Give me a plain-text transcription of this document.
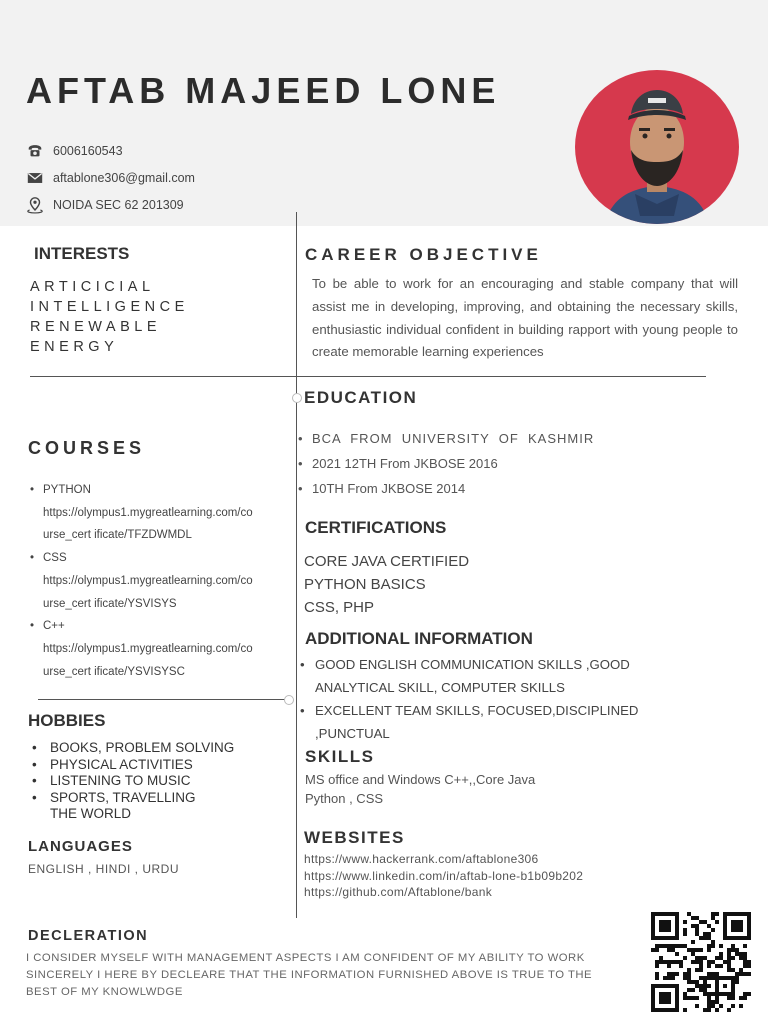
AFTAB MAJEED LONE
6006160543
aftablone306@gmail.com
NOIDA SEC 62 201309
INTERESTS
ARTICICIAL
INTELLIGENCE
RENEWABLE
ENERGY
CAREER OBJECTIVE
To be able to work for an encouraging and stable company that will assist me in developing, improving, and obtaining the necessary skills, enthusiastic individual confident in building rapport with young people to create memorable learning experiences
EDUCATION
• BCA  FROM  UNIVERSITY  OF  KASHMIR
• 2021 12TH From JKBOSE 2016
• 10TH From JKBOSE 2014
COURSES
• PYTHON
https://olympus1.mygreatlearning.com/co
urse_cert ificate/TFZDWMDL
• CSS
https://olympus1.mygreatlearning.com/co
urse_cert ificate/YSVISYS
• C++
https://olympus1.mygreatlearning.com/co
urse_cert ificate/YSVISYSC
CERTIFICATIONS
CORE JAVA CERTIFIED
PYTHON BASICS
CSS, PHP
ADDITIONAL INFORMATION
• GOOD ENGLISH COMMUNICATION SKILLS ,GOOD
ANALYTICAL SKILL, COMPUTER SKILLS
• EXCELLENT TEAM SKILLS, FOCUSED,DISCIPLINED
,PUNCTUAL
HOBBIES
• BOOKS, PROBLEM SOLVING
• PHYSICAL ACTIVITIES
• LISTENING TO MUSIC
• SPORTS, TRAVELLING THE WORLD
SKILLS
MS office and Windows C++,,Core Java
Python , CSS
LANGUAGES
ENGLISH , HINDI , URDU
WEBSITES
https://www.hackerrank.com/aftablone306
https://www.linkedin.com/in/aftab-lone-b1b09b202
https://github.com/Aftablone/bank
DECLERATION
I CONSIDER MYSELF WITH MANAGEMENT ASPECTS I AM CONFIDENT OF MY ABILITY TO WORK SINCERELY I HERE BY DECLEARE THAT THE INFORMATION FURNISHED ABOVE IS TRUE TO THE BEST OF MY KNOWLWDGE
